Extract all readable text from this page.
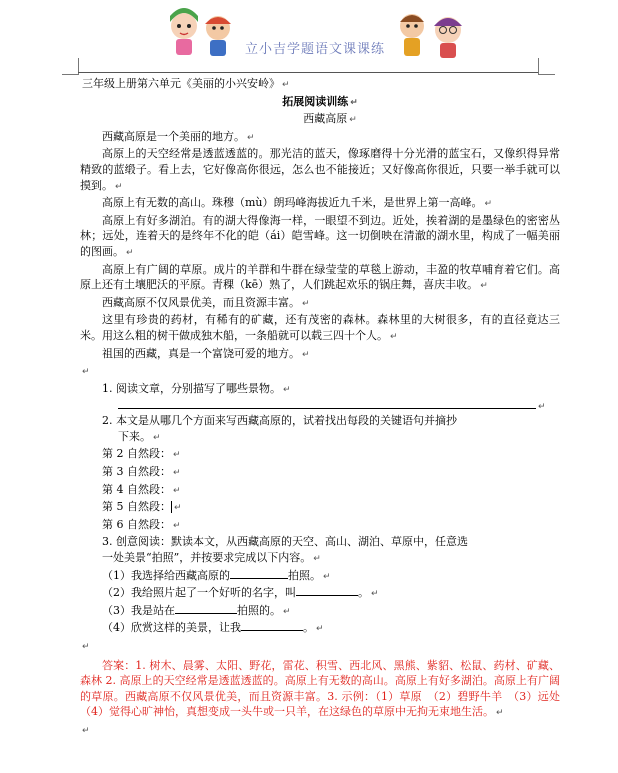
立小吉学题语文课课练
三年级上册第六单元《美丽的小兴安岭》 ↵
拓展阅读训练 ↵
西藏高原 ↵
西藏高原是一个美丽的地方。 ↵
高原上的天空经常是透蓝透蓝的。那光洁的蓝天，像琢磨得十分光滑的蓝宝石，又像织得异常精致的蓝缎子。看上去，它好像高你很远，怎么也不能接近；又好像高你很近，只要一举手就可以摸到。 ↵
高原上有无数的高山。珠穆（mù）朗玛峰海拔近九千米，是世界上第一高峰。 ↵
高原上有好多湖泊。有的湖大得像海一样，一眼望不到边。近处，挨着湖的是墨绿色的密密丛林；远处，连着天的是终年不化的皑（ái）皑雪峰。这一切倒映在清澈的湖水里，构成了一幅美丽的图画。 ↵
高原上有广阔的草原。成片的羊群和牛群在绿莹莹的草毯上游动，丰盈的牧草哺育着它们。高原上还有土壤肥沃的平原。青稞（kē）熟了，人们跳起欢乐的锅庄舞，喜庆丰收。 ↵
西藏高原不仅风景优美，而且资源丰富。 ↵
这里有珍贵的药材，有稀有的矿藏，还有茂密的森林。森林里的大树很多，有的直径竟达三米。用这么粗的树干做成独木船，一条船就可以载三四十个人。 ↵
祖国的西藏，真是一个富饶可爱的地方。 ↵
↵
1. 阅读文章，分别描写了哪些景物。 ↵
↵
2. 本文是从哪几个方面来写西藏高原的，试着找出每段的关键语句并摘抄
下来。 ↵
第 2 自然段： ↵
第 3 自然段： ↵
第 4 自然段： ↵
第 5 自然段： ↵
第 6 自然段： ↵
3. 创意阅读：默读本文，从西藏高原的天空、高山、湖泊、草原中，任意选
一处美景“拍照”，并按要求完成以下内容。 ↵
（1）我选择给西藏高原的	拍照。 ↵
（2）我给照片起了一个好听的名字，叫	。 ↵
（3）我是站在	拍照的。 ↵
（4）欣赏这样的美景，让我	。 ↵
↵
答案：1. 树木、晨雾、太阳、野花，雷花、积雪、西北风、黑熊、紫貂、松鼠、药材、矿藏、森林 2. 高原上的天空经常是透蓝透蓝的。高原上有无数的高山。高原上有好多湖泊。高原上有广阔的草原。西藏高原不仅风景优美，而且资源丰富。3. 示例：（1）草原　（2）碧野牛羊　（3）远处（4）觉得心旷神怡，真想变成一头牛或一只羊，在这绿色的草原中无拘无束地生活。 ↵
↵
